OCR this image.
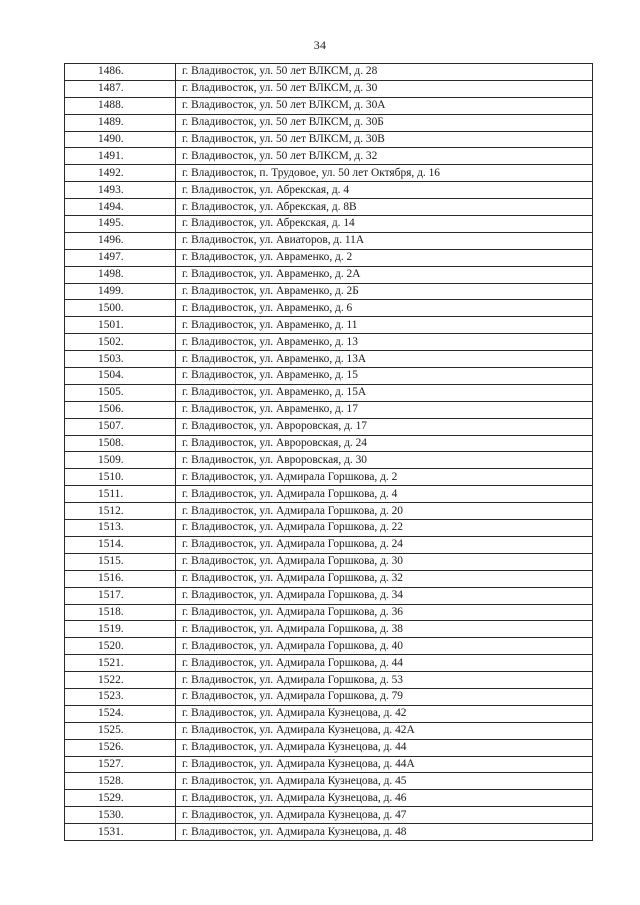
34
1486.	г. Владивосток, ул. 50 лет ВЛКСМ, д. 28
1487.	г. Владивосток, ул. 50 лет ВЛКСМ, д. 30
1488.	г. Владивосток, ул. 50 лет ВЛКСМ, д. 30А
1489.	г. Владивосток, ул. 50 лет ВЛКСМ, д. 30Б
1490.	г. Владивосток, ул. 50 лет ВЛКСМ, д. 30В
1491.	г. Владивосток, ул. 50 лет ВЛКСМ, д. 32
1492.	г. Владивосток, п. Трудовое, ул. 50 лет Октября, д. 16
1493.	г. Владивосток, ул. Абрекская, д. 4
1494.	г. Владивосток, ул. Абрекская, д. 8В
1495.	г. Владивосток, ул. Абрекская, д. 14
1496.	г. Владивосток, ул. Авиаторов, д. 11А
1497.	г. Владивосток, ул. Авраменко, д. 2
1498.	г. Владивосток, ул. Авраменко, д. 2А
1499.	г. Владивосток, ул. Авраменко, д. 2Б
1500.	г. Владивосток, ул. Авраменко, д. 6
1501.	г. Владивосток, ул. Авраменко, д. 11
1502.	г. Владивосток, ул. Авраменко, д. 13
1503.	г. Владивосток, ул. Авраменко, д. 13А
1504.	г. Владивосток, ул. Авраменко, д. 15
1505.	г. Владивосток, ул. Авраменко, д. 15А
1506.	г. Владивосток, ул. Авраменко, д. 17
1507.	г. Владивосток, ул. Авроровская, д. 17
1508.	г. Владивосток, ул. Авроровская, д. 24
1509.	г. Владивосток, ул. Авроровская, д. 30
1510.	г. Владивосток, ул. Адмирала Горшкова, д. 2
1511.	г. Владивосток, ул. Адмирала Горшкова, д. 4
1512.	г. Владивосток, ул. Адмирала Горшкова, д. 20
1513.	г. Владивосток, ул. Адмирала Горшкова, д. 22
1514.	г. Владивосток, ул. Адмирала Горшкова, д. 24
1515.	г. Владивосток, ул. Адмирала Горшкова, д. 30
1516.	г. Владивосток, ул. Адмирала Горшкова, д. 32
1517.	г. Владивосток, ул. Адмирала Горшкова, д. 34
1518.	г. Владивосток, ул. Адмирала Горшкова, д. 36
1519.	г. Владивосток, ул. Адмирала Горшкова, д. 38
1520.	г. Владивосток, ул. Адмирала Горшкова, д. 40
1521.	г. Владивосток, ул. Адмирала Горшкова, д. 44
1522.	г. Владивосток, ул. Адмирала Горшкова, д. 53
1523.	г. Владивосток, ул. Адмирала Горшкова, д. 79
1524.	г. Владивосток, ул. Адмирала Кузнецова, д. 42
1525.	г. Владивосток, ул. Адмирала Кузнецова, д. 42А
1526.	г. Владивосток, ул. Адмирала Кузнецова, д. 44
1527.	г. Владивосток, ул. Адмирала Кузнецова, д. 44А
1528.	г. Владивосток, ул. Адмирала Кузнецова, д. 45
1529.	г. Владивосток, ул. Адмирала Кузнецова, д. 46
1530.	г. Владивосток, ул. Адмирала Кузнецова, д. 47
1531.	г. Владивосток, ул. Адмирала Кузнецова, д. 48
